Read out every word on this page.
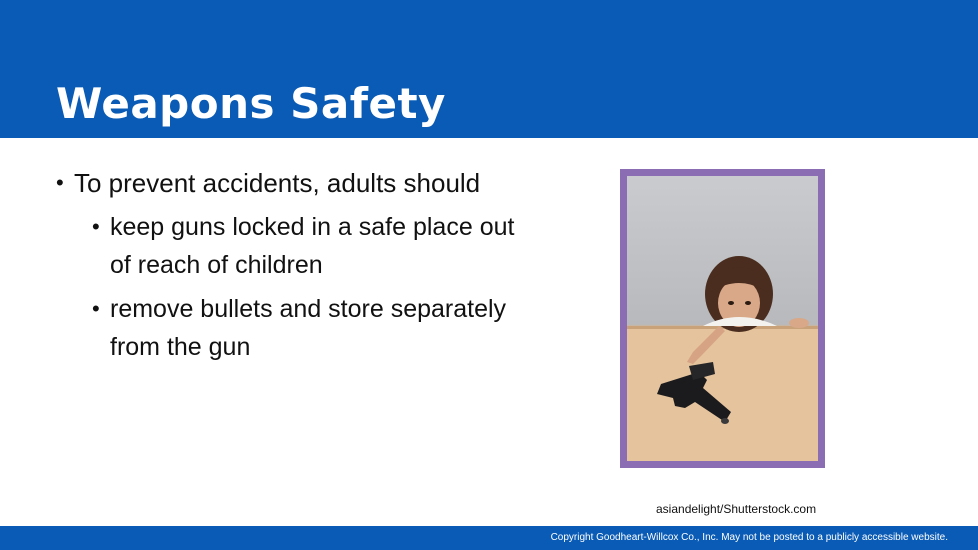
Weapons Safety
• To prevent accidents, adults should
• keep guns locked in a safe place out of reach of children
• remove bullets and store separately from the gun
asiandelight/Shutterstock.com
Copyright Goodheart-Willcox Co., Inc. May not be posted to a publicly accessible website.
